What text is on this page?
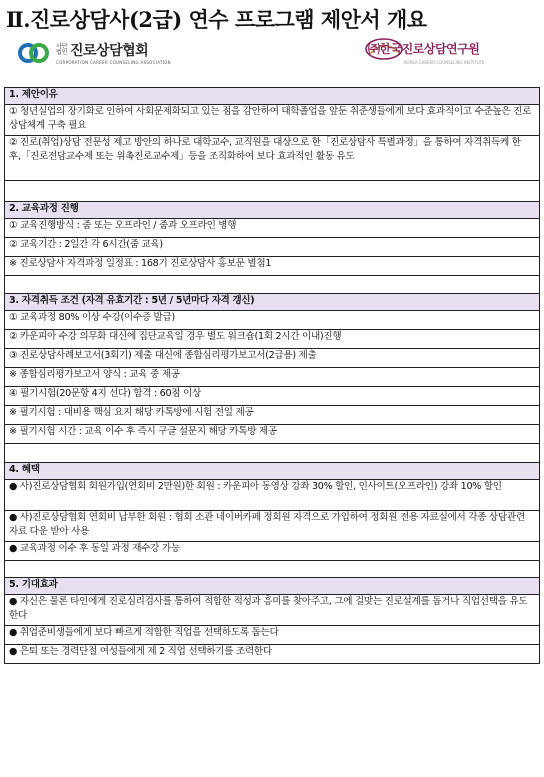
Ⅱ.진로상담사(2급) 연수 프로그램 제안서 개요
사단법인 진로상담협회
CORPORATION CAREER COUNSELING ASSOCIATION
㈜한국진로상담연구원
KOREA CAREER COUNSELING INSTITUTE
1. 제안이유
① 청년실업의 장기화로 인하여 사회문제화되고 있는 점을 감안하여 대학졸업을 앞둔 취준생들에게 보다 효과적이고 수준높은 진로상담체계 구축 필요
② 진로(취업)상담 전문성 제고 방안의 하나로 대학교수, 교직원을 대상으로 한「진로상담사 특별과정」을 통하여 자격취득케 한 후,「진로전담교수제 또는 위촉진로교수제」등을 조직화하여 보다 효과적인 활동 유도

2. 교육과정 진행
① 교육진행방식 : 줌 또는 오프라인 / 줌과 오프라인 병행
② 교육기간 : 2일간 각 6시간(줌 교육)
※ 진로상담사 자격과정 일정표 : 168기 진로상담사 홍보문 별첨1

3. 자격취득 조건 (자격 유효기간 : 5년 / 5년마다 자격 갱신)
① 교육과정 80% 이상 수강(이수증 발급)
② 카운피아 수강 의무화 대신에 집단교육일 경우 별도 워크숍(1회 2시간 이내)진행
③ 진로상담사례보고서(3회기) 제출 대신에 종합심리평가보고서(2급용) 제출
※ 종합심리평가보고서 양식 : 교육 중 제공
④ 필기시험(20문항 4지 선다) 합격 : 60점 이상
※ 필기시험 : 대비용 핵심 요지 해당 카톡방에 시험 전일 제공
※ 필기시험 시간 : 교육 이수 후 즉시 구글 설문지 해당 카톡방 제공

4. 혜택
● 사)진로상담협회 회원가입(연회비 2만원)한 회원 : 카운피아 동영상 강좌 30% 할인, 인사이트(오프라인) 강좌 10% 할인
● 사)진로상담협회 연회비 납부한 회원 : 협회 소관 네이버카페 정회원 자격으로 가입하여 정회원 전용 자료실에서 각종 상담관련 자료 다운 받아 사용
● 교육과정 이수 후 동일 과정 재수강 가능

5. 기대효과
● 자신은 물론 타인에게 진로심리검사를 통하여 적합한 적성과 흥미를 찾아주고, 그에 걸맞는 진로설계를 돕거나 직업선택을 유도한다
● 취업준비생들에게 보다 빠르게 적합한 직업을 선택하도록 돕는다
● 은퇴 또는 경력단절 여성들에게 제 2 직업 선택하기를 조력한다
